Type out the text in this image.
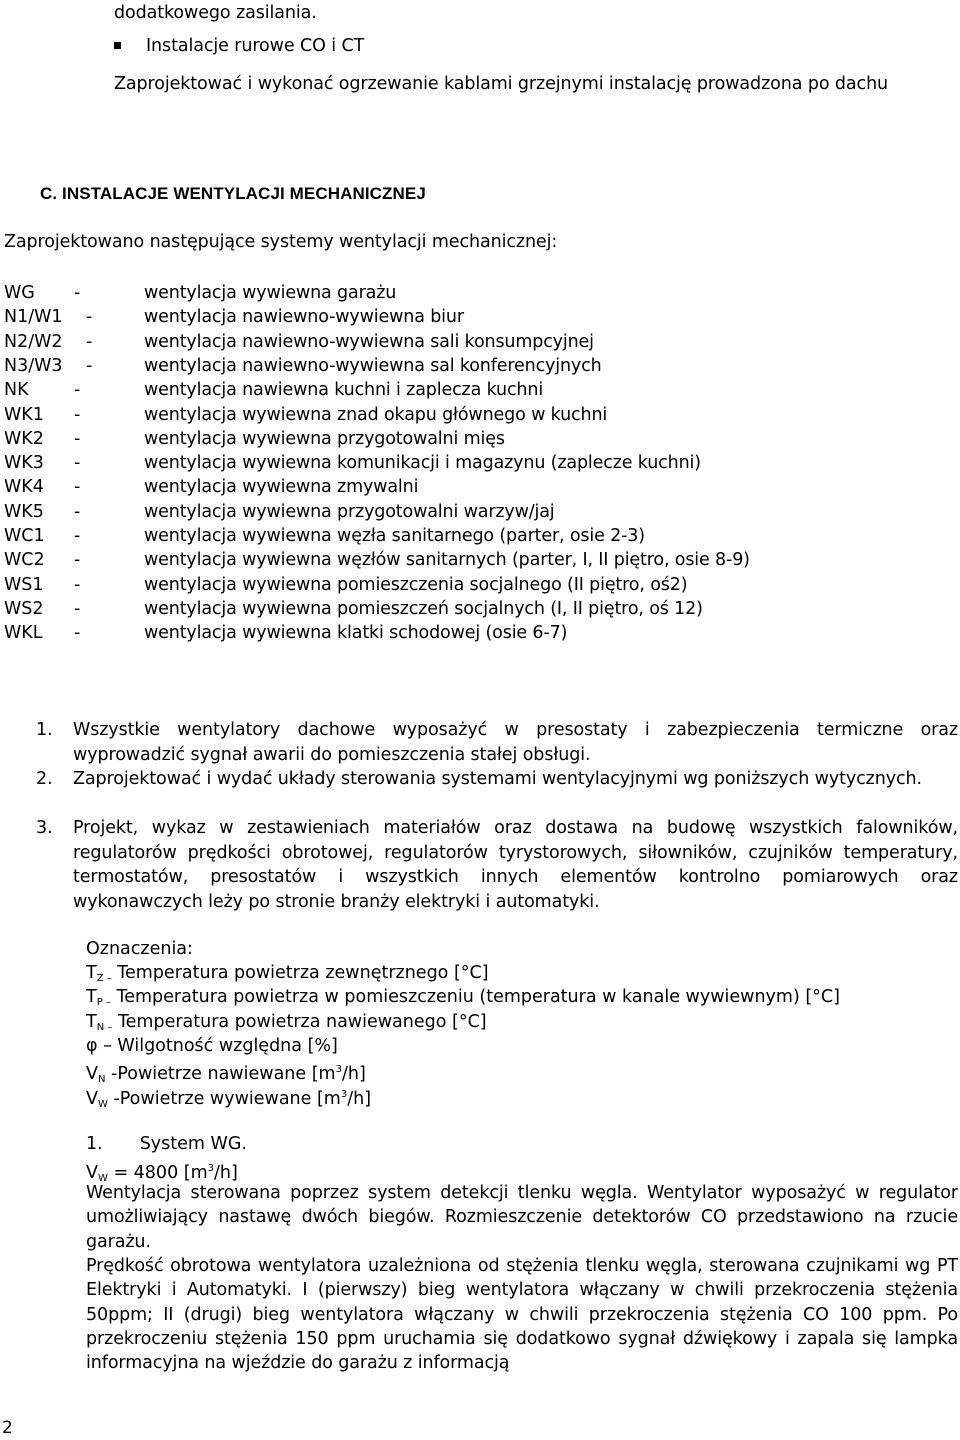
dodatkowego zasilania.
Instalacje rurowe CO i CT
Zaprojektować i wykonać ogrzewanie kablami grzejnymi instalację prowadzona po dachu
C. INSTALACJE WENTYLACJI MECHANICZNEJ
Zaprojektowano następujące systemy wentylacji mechanicznej:
WG -	wentylacja wywiewna garażu
N1/W1 -	wentylacja nawiewno-wywiewna biur
N2/W2 -	wentylacja nawiewno-wywiewna sali konsumpcyjnej
N3/W3 -	wentylacja nawiewno-wywiewna sal konferencyjnych
NK	-	wentylacja nawiewna kuchni i zaplecza kuchni
WK1 -	wentylacja wywiewna znad okapu głównego w kuchni
WK2 -	wentylacja wywiewna przygotowalni mięs
WK3 -	wentylacja wywiewna komunikacji i magazynu (zaplecze kuchni)
WK4 -	wentylacja wywiewna zmywalni
WK5 -	wentylacja wywiewna przygotowalni warzyw/jaj
WC1 -	wentylacja wywiewna węzła sanitarnego (parter, osie 2-3)
WC2 -	wentylacja wywiewna węzłów sanitarnych (parter, I, II piętro, osie 8-9)
WS1 -	wentylacja wywiewna pomieszczenia socjalnego (II piętro, oś2)
WS2 -	wentylacja wywiewna pomieszczeń socjalnych (I, II piętro, oś 12)
WKL -	wentylacja wywiewna klatki schodowej (osie 6-7)
1. Wszystkie wentylatory dachowe wyposażyć w presostaty i zabezpieczenia termiczne oraz wyprowadzić sygnał awarii do pomieszczenia stałej obsługi.
2. Zaprojektować i wydać układy sterowania systemami wentylacyjnymi wg poniższych wytycznych.
3. Projekt, wykaz w zestawieniach materiałów oraz dostawa na budowę wszystkich falowników, regulatorów prędkości obrotowej, regulatorów tyrystorowych, siłowników, czujników temperatury, termostatów, presostatów i wszystkich innych elementów kontrolno pomiarowych oraz wykonawczych leży po stronie branży elektryki i automatyki.
Oznaczenia:
$T_{Z -}$ Temperatura powietrza zewnętrznego [°C]
$T_{P -}$ Temperatura powietrza w pomieszczeniu (temperatura w kanale wywiewnym) [°C]
$T_{N -}$ Temperatura powietrza nawiewanego [°C]
φ – Wilgotność względna [%]
$V_N$ -Powietrze nawiewane $[m^3/h]$
$V_W$ -Powietrze wywiewane $[m^3/h]$
1. System WG.
$V_W = 4800$ $[m^3/h]$
Wentylacja sterowana poprzez system detekcji tlenku węgla. Wentylator wyposażyć w regulator umożliwiający nastawę dwóch biegów. Rozmieszczenie detektorów CO przedstawiono na rzucie garażu.
Prędkość obrotowa wentylatora uzależniona od stężenia tlenku węgla, sterowana czujnikami wg PT Elektryki i Automatyki. I (pierwszy) bieg wentylatora włączany w chwili przekroczenia stężenia 50ppm; II (drugi) bieg wentylatora włączany w chwili przekroczenia stężenia CO 100 ppm. Po przekroczeniu stężenia 150 ppm uruchamia się dodatkowo sygnał dźwiękowy i zapala się lampka informacyjna na wjeździe do garażu z informacją
2
